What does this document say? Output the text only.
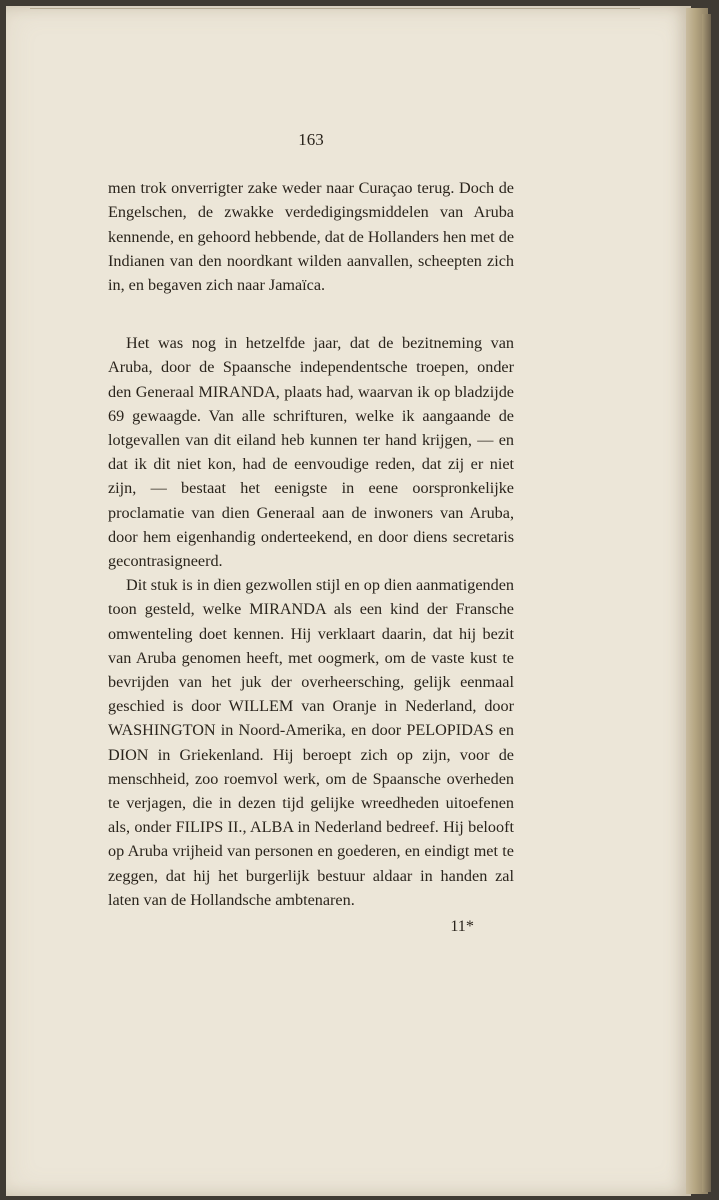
163

men trok onverrigter zake weder naar Curaçao terug. Doch de Engelschen, de zwakke verdedigingsmiddelen van Aruba kennende, en gehoord hebbende, dat de Hollanders hen met de Indianen van den noordkant wilden aanvallen, scheepten zich in, en begaven zich naar Jamaïca.

Het was nog in hetzelfde jaar, dat de bezitneming van Aruba, door de Spaansche independentsche troepen, onder den Generaal MIRANDA, plaats had, waarvan ik op bladzijde 69 gewaagde. Van alle schrifturen, welke ik aangaande de lotgevallen van dit eiland heb kunnen ter hand krijgen, — en dat ik dit niet kon, had de eenvoudige reden, dat zij er niet zijn, — bestaat het eenigste in eene oorspronkelijke proclamatie van dien Generaal aan de inwoners van Aruba, door hem eigenhandig onderteekend, en door diens secretaris gecontrasigneerd.

Dit stuk is in dien gezwollen stijl en op dien aanmatigenden toon gesteld, welke MIRANDA als een kind der Fransche omwenteling doet kennen. Hij verklaart daarin, dat hij bezit van Aruba genomen heeft, met oogmerk, om de vaste kust te bevrijden van het juk der overheersching, gelijk eenmaal geschied is door WILLEM van Oranje in Nederland, door WASHINGTON in Noord-Amerika, en door PELOPIDAS en DION in Griekenland. Hij beroept zich op zijn, voor de menschheid, zoo roemvol werk, om de Spaansche overheden te verjagen, die in dezen tijd gelijke wreedheden uitoefenen als, onder FILIPS II., ALBA in Nederland bedreef. Hij belooft op Aruba vrijheid van personen en goederen, en eindigt met te zeggen, dat hij het burgerlijk bestuur aldaar in handen zal laten van de Hollandsche ambtenaren.

11*
